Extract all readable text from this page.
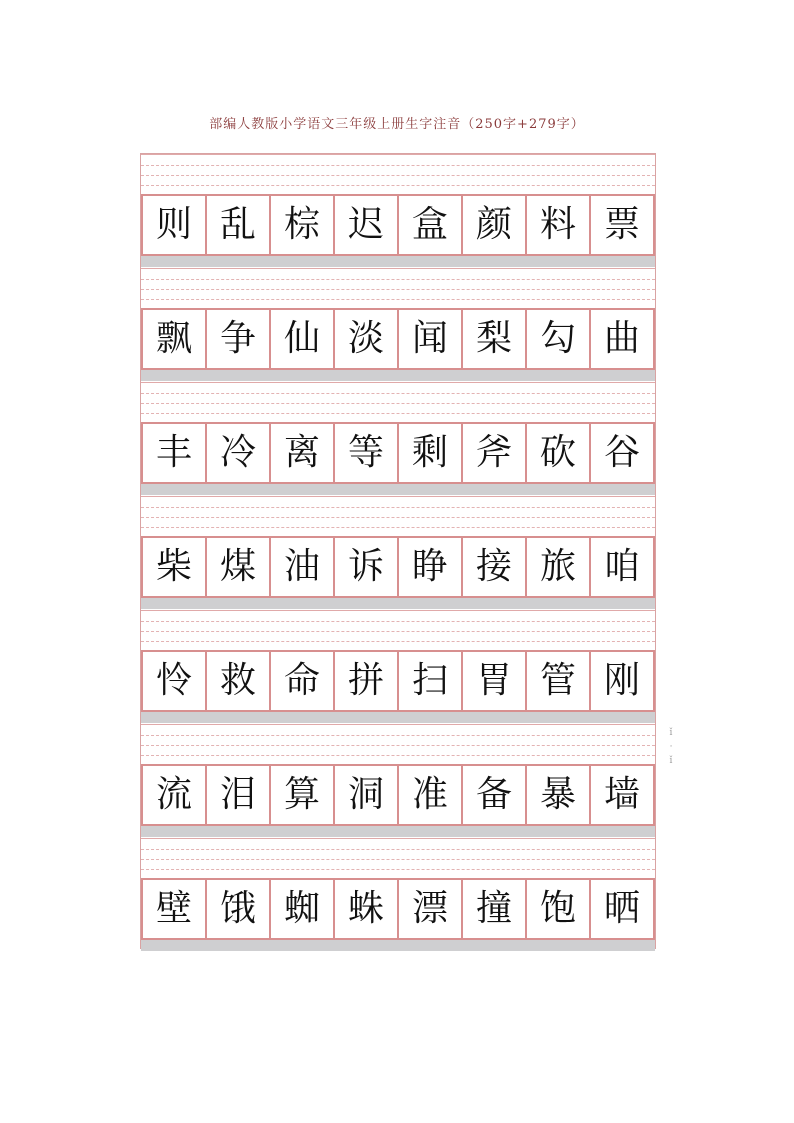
部编人教版小学语文三年级上册生字注音（250字+279字）
则 乱 棕 迟 盒 颜 料 票
飘 争 仙 淡 闻 梨 勾 曲
丰 冷 离 等 剩 斧 砍 谷
柴 煤 油 诉 睁 接 旅 咱
怜 救 命 拼 扫 胃 管 刚
流 泪 算 洞 准 备 暴 墙
壁 饿 蜘 蛛 漂 撞 饱 晒
ǐ
·
ǐ
